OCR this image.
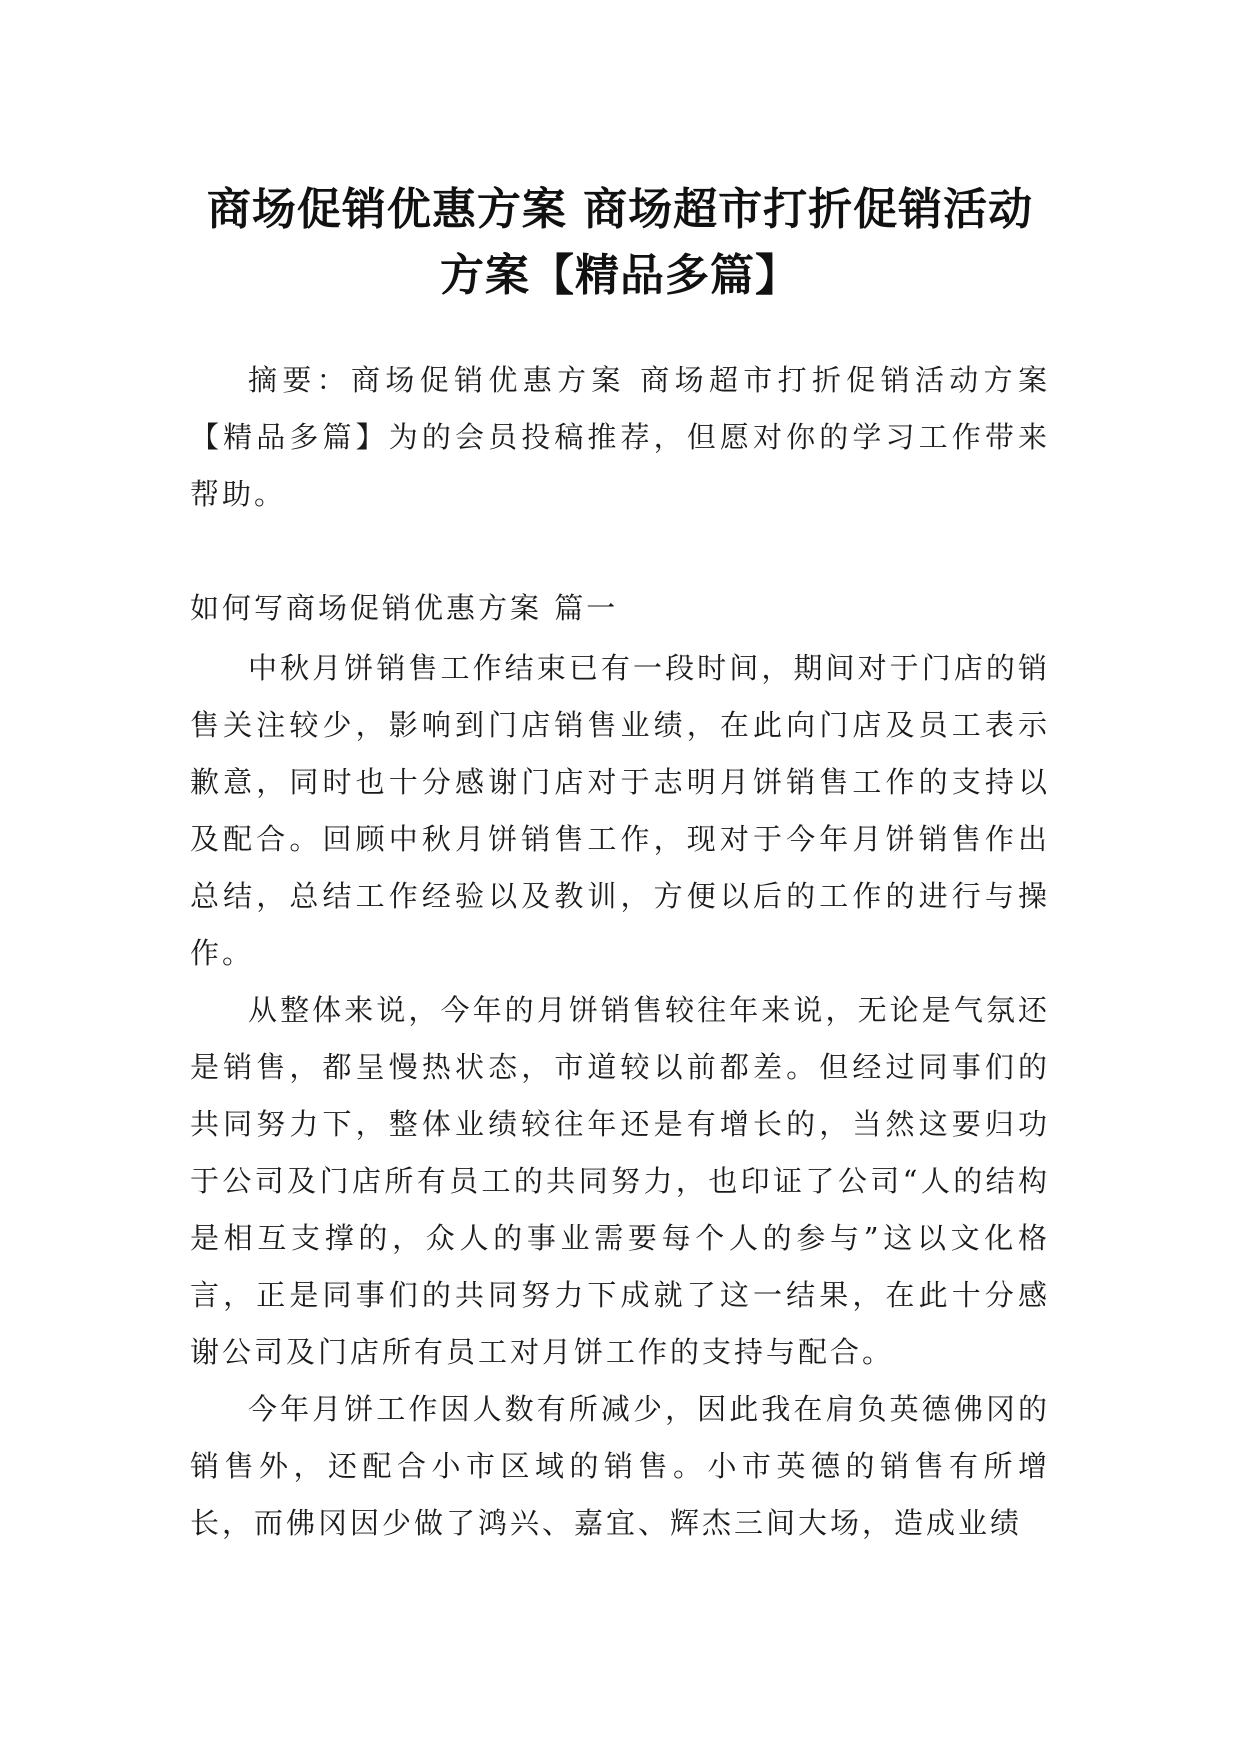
商场促销优惠方案 商场超市打折促销活动
方案【精品多篇】

摘要：商场促销优惠方案 商场超市打折促销活动方案【精品多篇】为的会员投稿推荐，但愿对你的学习工作带来帮助。

如何写商场促销优惠方案 篇一

中秋月饼销售工作结束已有一段时间，期间对于门店的销售关注较少，影响到门店销售业绩，在此向门店及员工表示歉意，同时也十分感谢门店对于志明月饼销售工作的支持以及配合。回顾中秋月饼销售工作，现对于今年月饼销售作出总结，总结工作经验以及教训，方便以后的工作的进行与操作。

从整体来说，今年的月饼销售较往年来说，无论是气氛还是销售，都呈慢热状态，市道较以前都差。但经过同事们的共同努力下，整体业绩较往年还是有增长的，当然这要归功于公司及门店所有员工的共同努力，也印证了公司“人的结构是相互支撑的，众人的事业需要每个人的参与”这以文化格言，正是同事们的共同努力下成就了这一结果，在此十分感谢公司及门店所有员工对月饼工作的支持与配合。

今年月饼工作因人数有所减少，因此我在肩负英德佛冈的销售外，还配合小市区域的销售。小市英德的销售有所增长，而佛冈因少做了鸿兴、嘉宜、辉杰三间大场，造成业绩
